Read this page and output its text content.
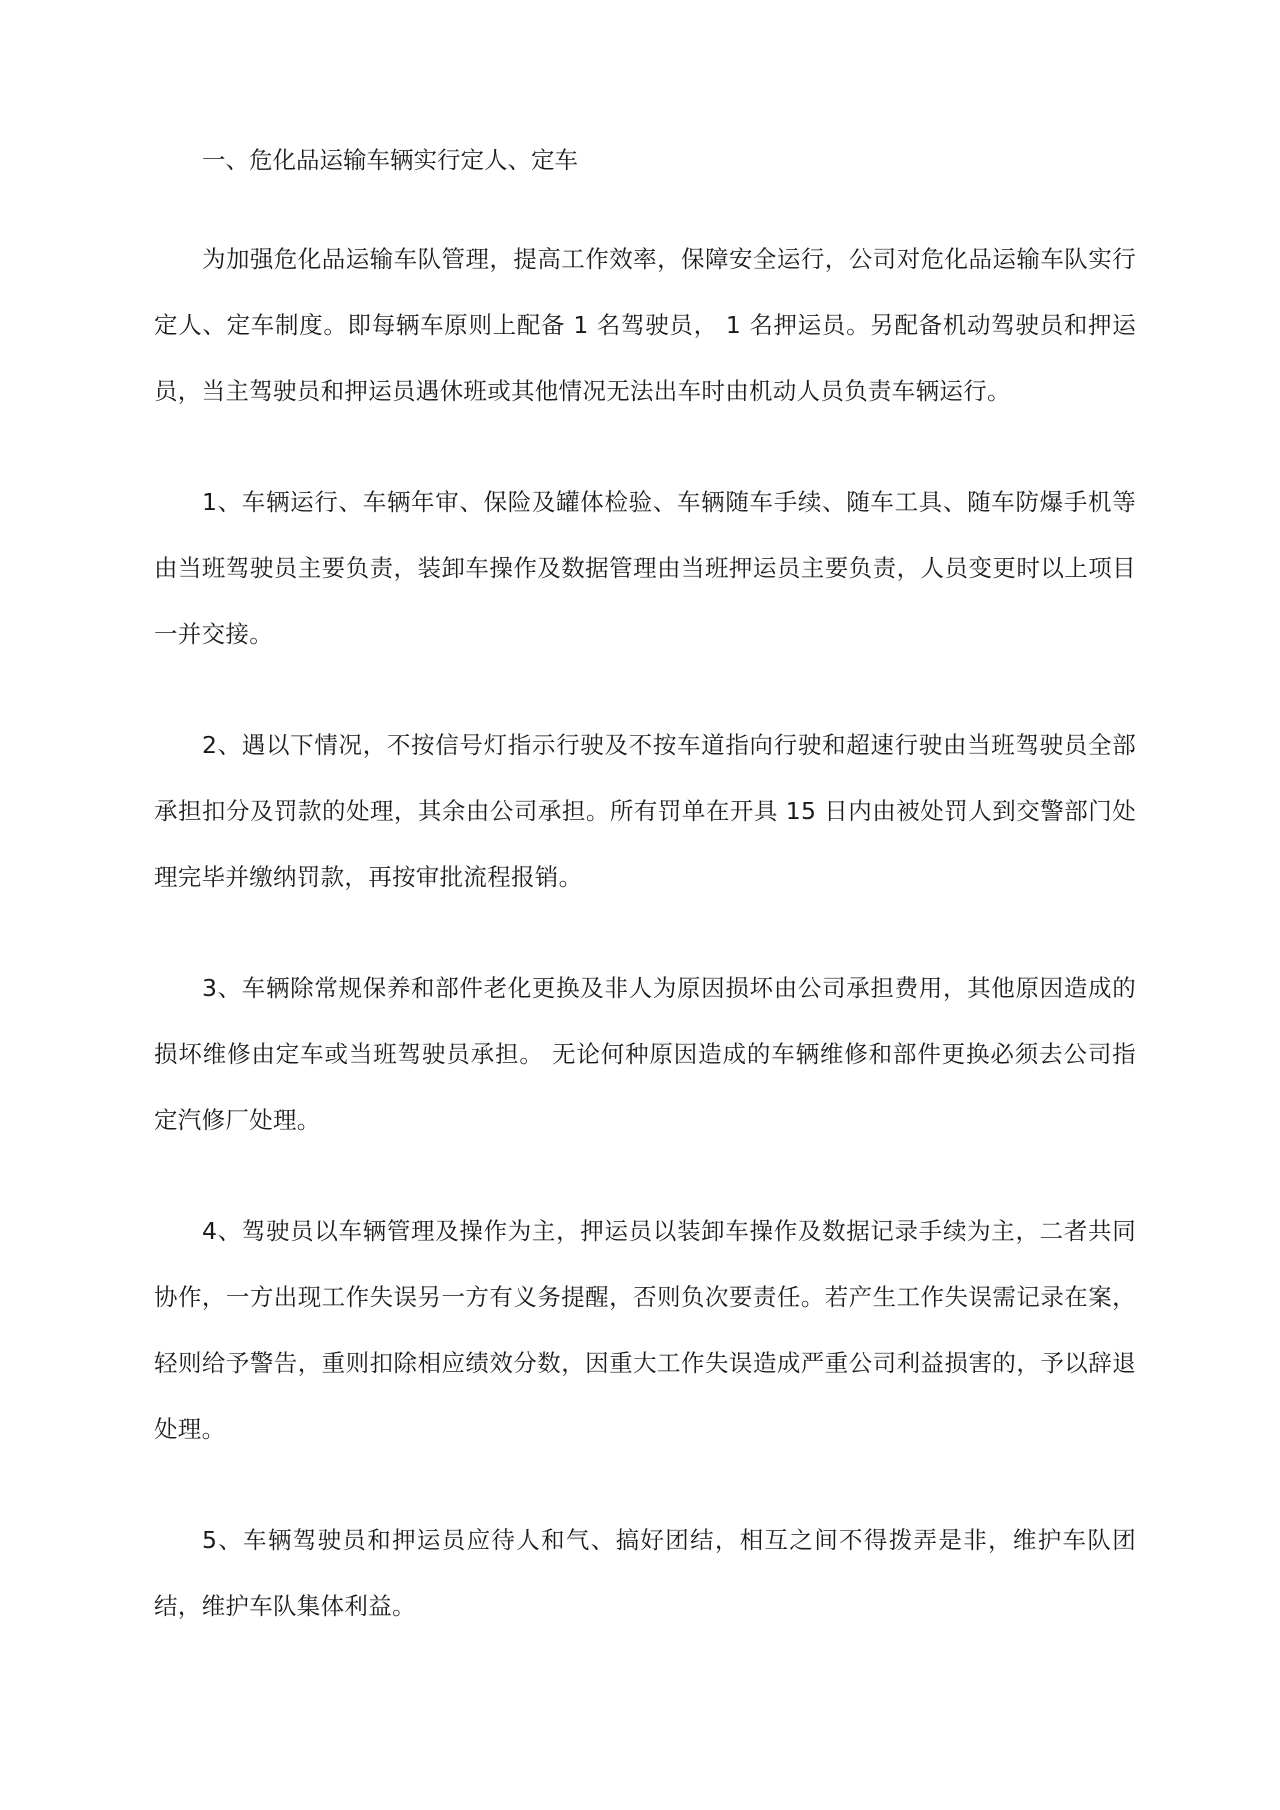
一、危化品运输车辆实行定人、定车

为加强危化品运输车队管理，提高工作效率，保障安全运行，公司对危化品运输车队实行定人、定车制度。即每辆车原则上配备 1 名驾驶员， 1 名押运员。另配备机动驾驶员和押运员，当主驾驶员和押运员遇休班或其他情况无法出车时由机动人员负责车辆运行。

1、车辆运行、车辆年审、保险及罐体检验、车辆随车手续、随车工具、随车防爆手机等由当班驾驶员主要负责，装卸车操作及数据管理由当班押运员主要负责，人员变更时以上项目一并交接。

2、遇以下情况，不按信号灯指示行驶及不按车道指向行驶和超速行驶由当班驾驶员全部承担扣分及罚款的处理，其余由公司承担。所有罚单在开具 15 日内由被处罚人到交警部门处理完毕并缴纳罚款，再按审批流程报销。

3、车辆除常规保养和部件老化更换及非人为原因损坏由公司承担费用，其他原因造成的损坏维修由定车或当班驾驶员承担。 无论何种原因造成的车辆维修和部件更换必须去公司指定汽修厂处理。

4、驾驶员以车辆管理及操作为主，押运员以装卸车操作及数据记录手续为主，二者共同协作，一方出现工作失误另一方有义务提醒，否则负次要责任。若产生工作失误需记录在案，轻则给予警告，重则扣除相应绩效分数，因重大工作失误造成严重公司利益损害的，予以辞退处理。

5、车辆驾驶员和押运员应待人和气、搞好团结，相互之间不得拨弄是非，维护车队团结，维护车队集体利益。
